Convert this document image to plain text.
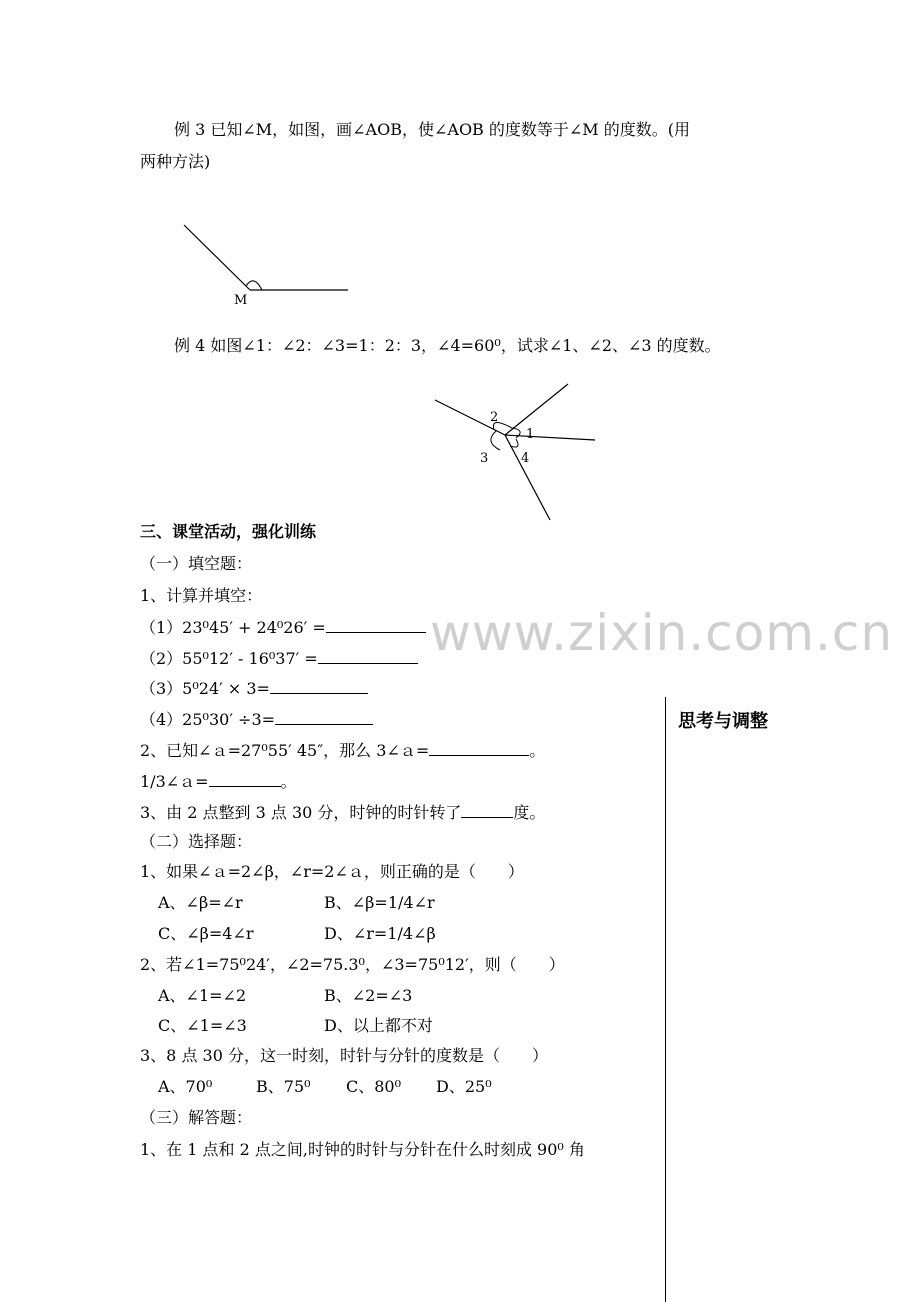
例 3 已知∠M，如图，画∠AOB，使∠AOB 的度数等于∠M 的度数。(用
两种方法)
M
例 4 如图∠1：∠2：∠3=1：2：3，∠4=60⁰，试求∠1、∠2、∠3 的度数。
1
2
3	4
三、课堂活动，强化训练
（一）填空题：
1、计算并填空：
（1）23⁰45′ + 24⁰26′ =
（2）55⁰12′ - 16⁰37′ =
（3）5⁰24′ × 3=
（4）25⁰30′ ÷3=
2、已知∠ａ=27⁰55′ 45″，那么 3∠ａ=	。
1/3∠ａ=	。
3、由 2 点整到 3 点 30 分，时钟的时针转了	度。
（二）选择题：
1、如果∠ａ=2∠β，∠r=2∠ａ，则正确的是（　　）
A、∠β=∠r	B、∠β=1/4∠r
C、∠β=4∠r	D、∠r=1/4∠β
2、若∠1=75⁰24′，∠2=75.3⁰，∠3=75⁰12′，则（　　）
A、∠1=∠2	B、∠2=∠3
C、∠1=∠3	D、以上都不对
3、8 点 30 分，这一时刻，时针与分针的度数是（　　）
A、70⁰	B、75⁰ C、80⁰ D、25⁰
（三）解答题：
1、在 1 点和 2 点之间,时钟的时针与分针在什么时刻成 90⁰ 角
思考与调整
www.zixin.com.cn
